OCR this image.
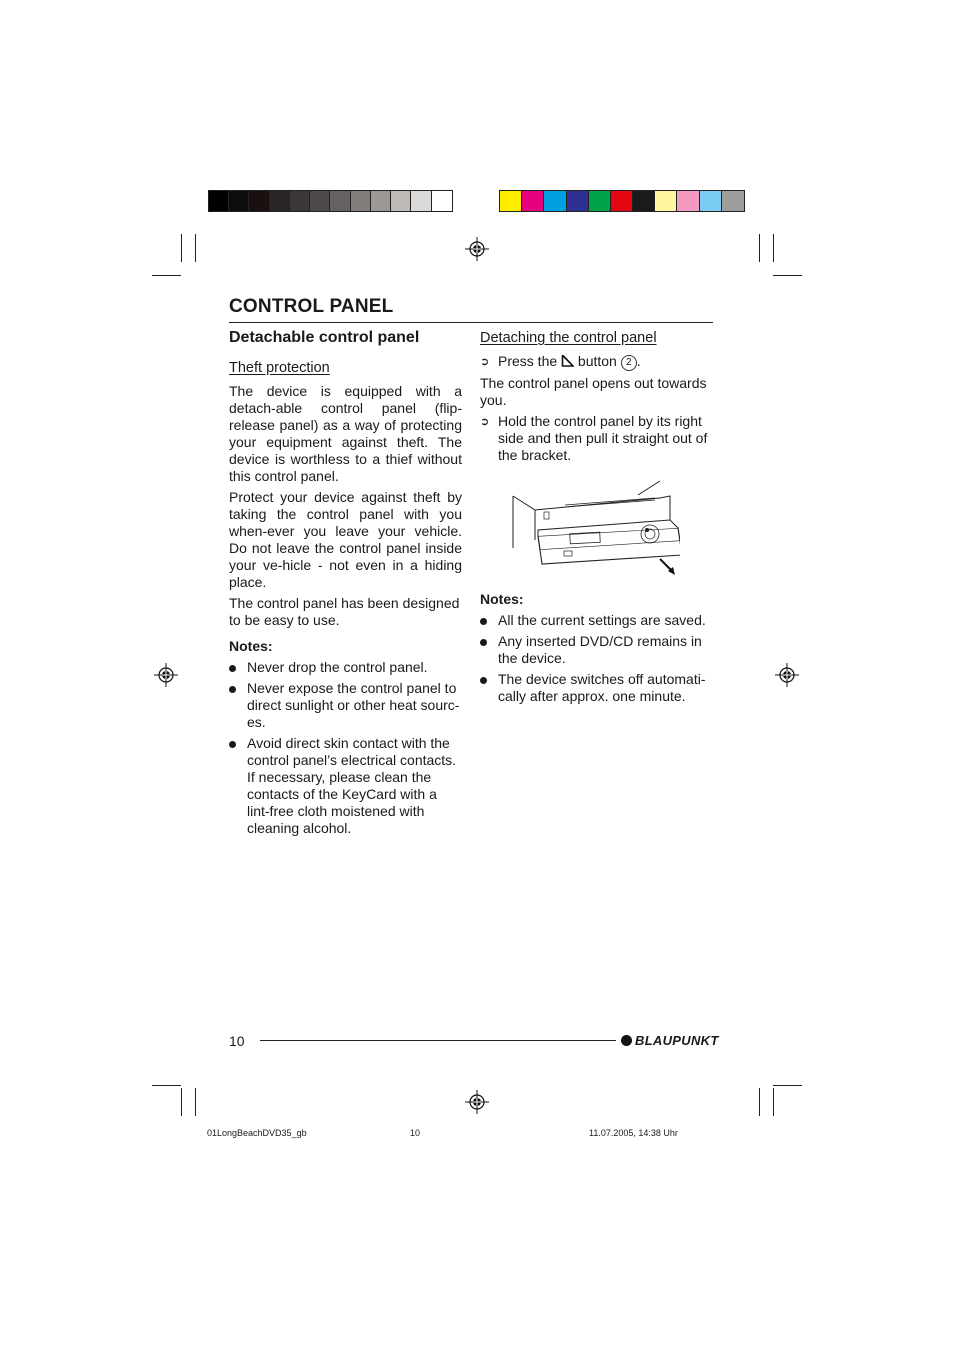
CONTROL PANEL
Detachable control panel
Theft protection

The device is equipped with a detach-able control panel (flip-release panel) as a way of protecting your equipment against theft. The device is worthless to a thief without this control panel.

Protect your device against theft by taking the control panel with you when-ever you leave your vehicle. Do not leave the control panel inside your ve-hicle - not even in a hiding place.

The control panel has been designed to be easy to use.

Notes:

Never drop the control panel.
Never expose the control panel to direct sunlight or other heat sourc-es.
Avoid direct skin contact with the control panel’s electrical contacts. If necessary, please clean the contacts of the KeyCard with a lint-free cloth moistened with cleaning alcohol.
Detaching the control panel
➲ Press the button 2 .

The control panel opens out towards you.

➲ Hold the control panel by its right side and then pull it straight out of the bracket.

Notes:

All the current settings are saved.
Any inserted DVD/CD remains in the device.
The device switches off automati-cally after approx. one minute.
10	BLAUPUNKT
01LongBeachDVD35_gb	10	11.07.2005, 14:38 Uhr
